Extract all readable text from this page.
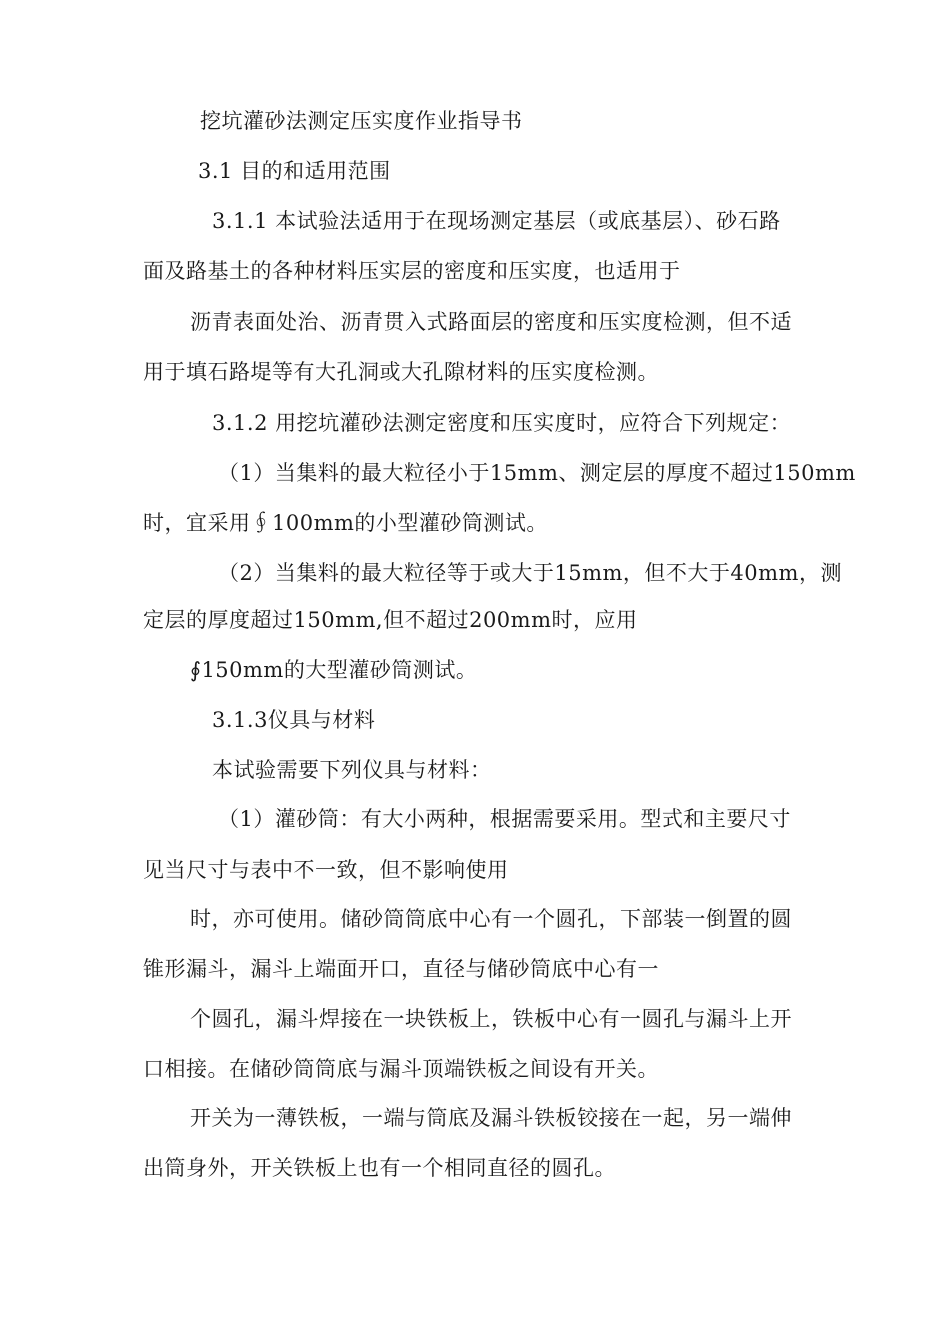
挖坑灌砂法测定压实度作业指导书
3.1 目的和适用范围
3.1.1 本试验法适用于在现场测定基层（或底基层）、砂石路
面及路基土的各种材料压实层的密度和压实度，也适用于
沥青表面处治、沥青贯入式路面层的密度和压实度检测，但不适
用于填石路堤等有大孔洞或大孔隙材料的压实度检测。
3.1.2 用挖坑灌砂法测定密度和压实度时，应符合下列规定：
（1）当集料的最大粒径小于15mm、测定层的厚度不超过150mm
时，宜采用∮100mm的小型灌砂筒测试。
（2）当集料的最大粒径等于或大于15mm，但不大于40mm，测
定层的厚度超过150mm,但不超过200mm时，应用
∮150mm的大型灌砂筒测试。
3.1.3仪具与材料
本试验需要下列仪具与材料：
（1）灌砂筒：有大小两种，根据需要采用。型式和主要尺寸
见当尺寸与表中不一致，但不影响使用
时，亦可使用。储砂筒筒底中心有一个圆孔，下部装一倒置的圆
锥形漏斗，漏斗上端面开口，直径与储砂筒底中心有一
个圆孔，漏斗焊接在一块铁板上，铁板中心有一圆孔与漏斗上开
口相接。在储砂筒筒底与漏斗顶端铁板之间设有开关。
开关为一薄铁板，一端与筒底及漏斗铁板铰接在一起，另一端伸
出筒身外，开关铁板上也有一个相同直径的圆孔。
